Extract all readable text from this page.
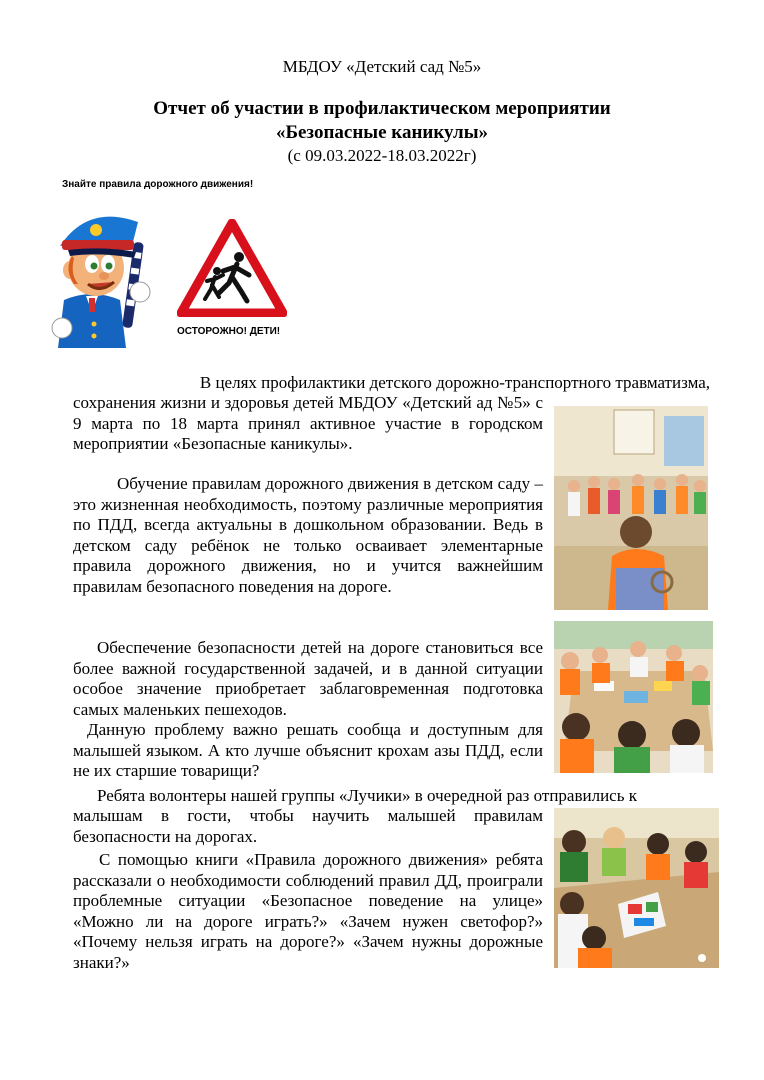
МБДОУ «Детский сад №5»
Отчет об участии в профилактическом мероприятии
«Безопасные каникулы»
(с 09.03.2022-18.03.2022г)
Знайте правила дорожного движения!
ОСТОРОЖНО! ДЕТИ!
В целях профилактики детского дорожно-транспортного травматизма,
сохранения жизни и здоровья детей МБДОУ «Детский ад №5» с 9 марта по 18 марта принял активное участие в городском мероприятии «Безопасные каникулы».
Обучение правилам дорожного движения в детском саду – это жизненная необходимость, поэтому различные мероприятия по ПДД, всегда актуальны в дошкольном образовании. Ведь в детском саду ребёнок не только осваивает элементарные правила дорожного движения, но и учится важнейшим правилам безопасного поведения на дороге.
Обеспечение безопасности детей на дороге становиться все более важной государственной задачей, и в данной ситуации особое значение приобретает заблаговременная подготовка самых маленьких пешеходов.
Данную проблему важно решать сообща и доступным для малышей языком. А кто лучше объяснит крохам азы ПДД, если не их старшие товарищи?
Ребята волонтеры нашей группы «Лучики» в очередной раз отправились к
малышам в гости, чтобы научить малышей правилам безопасности на дорогах.
С помощью книги «Правила дорожного движения» ребята рассказали о необходимости соблюдений правил ДД, проиграли проблемные ситуации «Безопасное поведение на улице» «Можно ли на дороге играть?» «Зачем нужен светофор?» «Почему нельзя играть на дороге?» «Зачем нужны дорожные знаки?»
